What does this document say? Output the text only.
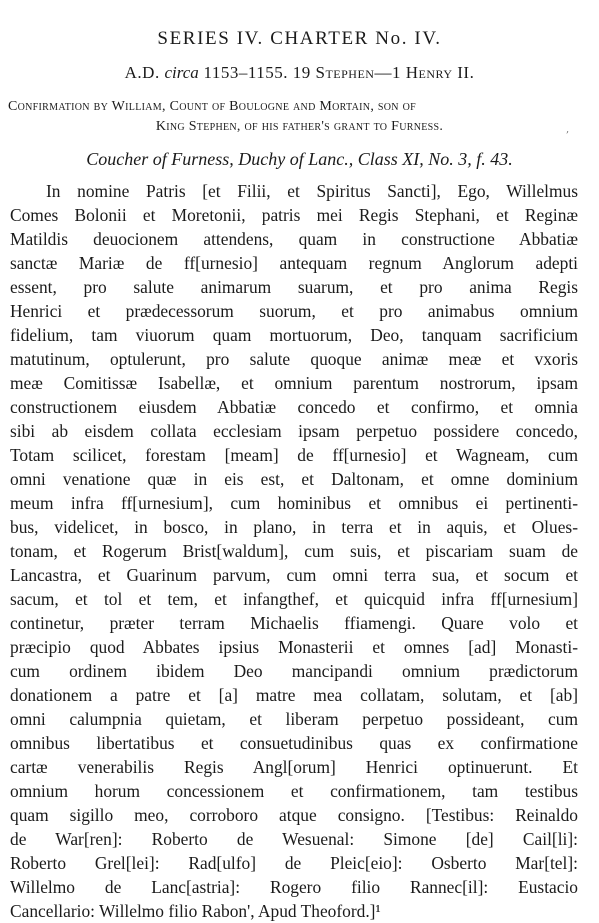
SERIES IV. CHARTER No. IV.
A.D. circa 1153–1155. 19 Stephen—1 Henry II.
Confirmation by William, Count of Boulogne and Mortain, son of
King Stephen, of his father's grant to Furness.	,
Coucher of Furness, Duchy of Lanc., Class XI, No. 3, f. 43.
In nomine Patris [et Filii, et Spiritus Sancti], Ego, Willelmus
Comes Bolonii et Moretonii, patris mei Regis Stephani, et Reginæ
Matildis deuocionem attendens, quam in constructione Abbatiæ
sanctæ Mariæ de ff[urnesio] antequam regnum Anglorum adepti
essent, pro salute animarum suarum, et pro anima Regis
Henrici et prædecessorum suorum, et pro animabus omnium
fidelium, tam viuorum quam mortuorum, Deo, tanquam sacrificium
matutinum, optulerunt, pro salute quoque animæ meæ et vxoris
meæ Comitissæ Isabellæ, et omnium parentum nostrorum, ipsam
constructionem eiusdem Abbatiæ concedo et confirmo, et omnia
sibi ab eisdem collata ecclesiam ipsam perpetuo possidere concedo,
Totam scilicet, forestam [meam] de ff[urnesio] et Wagneam, cum
omni venatione quæ in eis est, et Daltonam, et omne dominium
meum infra ff[urnesium], cum hominibus et omnibus ei pertinenti-
bus, videlicet, in bosco, in plano, in terra et in aquis, et Olues-
tonam, et Rogerum Brist[waldum], cum suis, et piscariam suam de
Lancastra, et Guarinum parvum, cum omni terra sua, et socum et
sacum, et tol et tem, et infangthef, et quicquid infra ff[urnesium]
continetur, præter terram Michaelis ffiamengi. Quare volo et
præcipio quod Abbates ipsius Monasterii et omnes [ad] Monasti-
cum ordinem ibidem Deo mancipandi omnium prædictorum
donationem a patre et [a] matre mea collatam, solutam, et [ab]
omni calumpnia quietam, et liberam perpetuo possideant, cum
omnibus libertatibus et consuetudinibus quas ex confirmatione
cartæ venerabilis Regis Angl[orum] Henrici optinuerunt. Et
omnium horum concessionem et confirmationem, tam testibus
quam sigillo meo, corroboro atque consigno. [Testibus: Reinaldo
de War[ren]: Roberto de Wesuenal: Simone [de] Cail[li]:
Roberto Grel[lei]: Rad[ulfo] de Pleic[eio]: Osberto Mar[tel]:
Willelmo de Lanc[astria]: Rogero filio Rannec[il]: Eustacio
Cancellario: Willelmo filio Rabon', Apud Theoford.]¹
